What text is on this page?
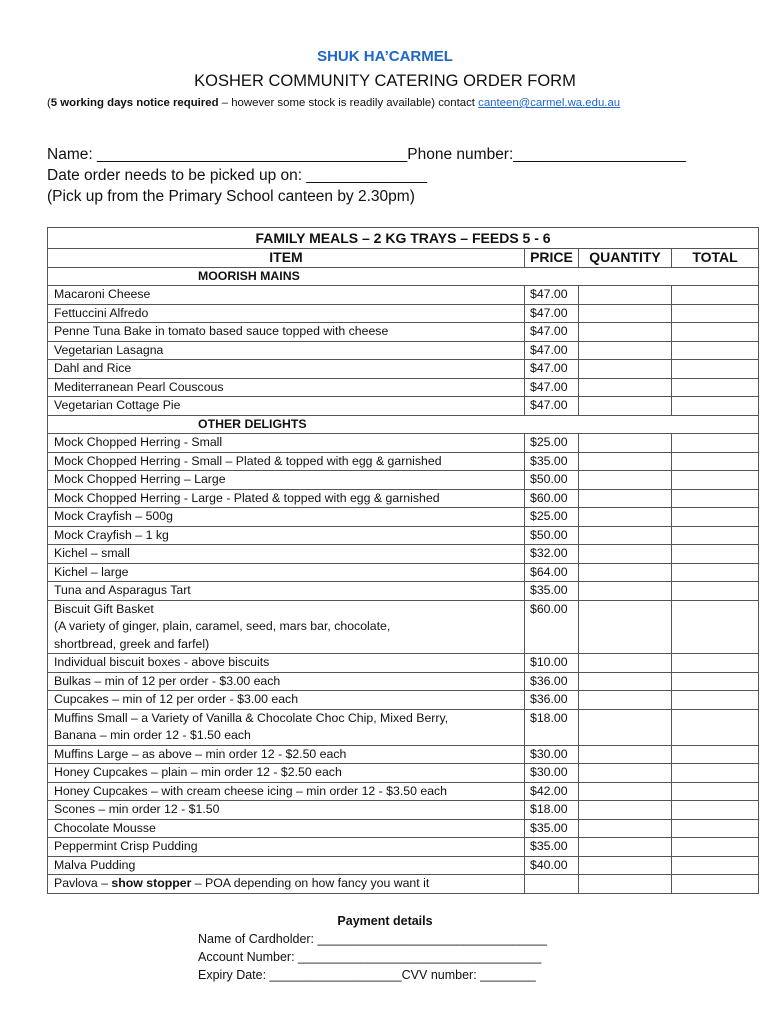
SHUK HA’CARMEL
KOSHER COMMUNITY CATERING ORDER FORM
(5 working days notice required – however some stock is readily available) contact canteen@carmel.wa.edu.au
Name: ____________________________________Phone number:____________________
Date order needs to be picked up on: ______________
(Pick up from the Primary School canteen by 2.30pm)
FAMILY MEALS – 2 KG TRAYS – FEEDS 5 - 6			
ITEM	PRICE	QUANTITY	TOTAL
MOORISH MAINS			
Macaroni Cheese	$47.00		
Fettuccini Alfredo	$47.00		
Penne Tuna Bake in tomato based sauce topped with cheese	$47.00		
Vegetarian Lasagna	$47.00		
Dahl and Rice	$47.00		
Mediterranean Pearl Couscous	$47.00		
Vegetarian Cottage Pie	$47.00		
OTHER DELIGHTS			
Mock Chopped Herring - Small	$25.00		
Mock Chopped Herring - Small – Plated & topped with egg & garnished	$35.00		
Mock Chopped Herring – Large	$50.00		
Mock Chopped Herring - Large - Plated & topped with egg & garnished	$60.00		
Mock Crayfish – 500g	$25.00		
Mock Crayfish – 1 kg	$50.00		
Kichel – small	$32.00		
Kichel – large	$64.00		
Tuna and Asparagus Tart	$35.00		

Biscuit Gift Basket
(A variety of ginger, plain, caramel, seed, mars bar, chocolate,
shortbread, greek and farfel)	$60.00		
Individual biscuit boxes - above biscuits	$10.00		
Bulkas – min of 12 per order - $3.00 each	$36.00		
Cupcakes – min of 12 per order - $3.00 each	$36.00		

Muffins Small – a Variety of Vanilla & Chocolate Choc Chip, Mixed Berry,
Banana – min order 12 - $1.50 each	$18.00		
Muffins Large – as above – min order 12 - $2.50 each	$30.00		
Honey Cupcakes – plain – min order 12 - $2.50 each	$30.00		
Honey Cupcakes – with cream cheese icing – min order 12 - $3.50 each	$42.00		
Scones – min order 12 - $1.50	$18.00		
Chocolate Mousse	$35.00		
Peppermint Crisp Pudding	$35.00		
Malva Pudding	$40.00		
Pavlova – show stopper – POA depending on how fancy you want it			
Payment details
Name of Cardholder: _________________________________
Account Number: ___________________________________
Expiry Date: ___________________CVV number: ________
